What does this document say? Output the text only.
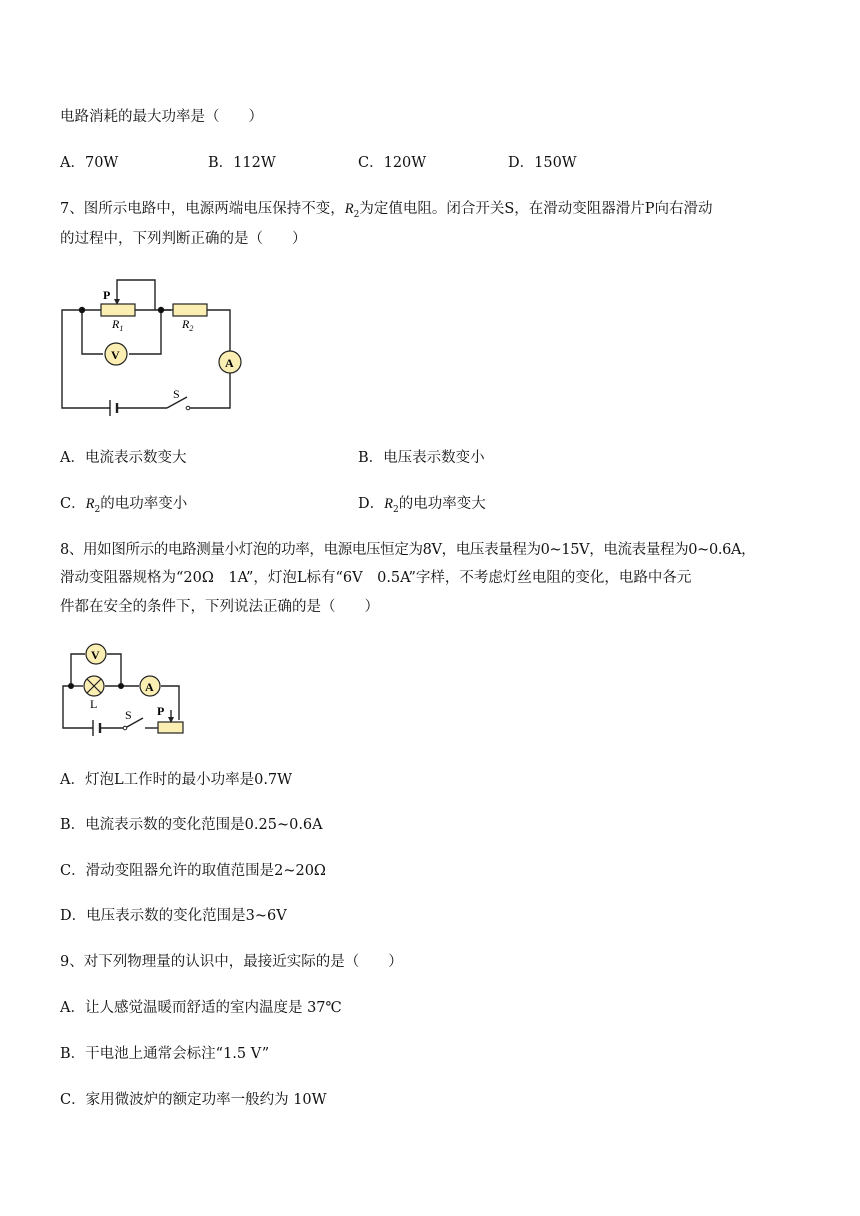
电路消耗的最大功率是（　　）
A．70W	B．112W	C．120W	D．150W
7、图所示电路中，电源两端电压保持不变，$R_2$为定值电阻。闭合开关S，在滑动变阻器滑片P向右滑动
的过程中，下列判断正确的是（　　）
P
$R_1$	$R_2$
V
A
S
A．电流表示数变大	B．电压表示数变小
C．$R_2$的电功率变小	D．$R_2$的电功率变大
8、用如图所示的电路测量小灯泡的功率，电源电压恒定为8V，电压表量程为0~15V，电流表量程为0~0.6A，
滑动变阻器规格为“20Ω　1A”，灯泡L标有“6V　0.5A”字样，不考虑灯丝电阻的变化，电路中各元
件都在安全的条件下，下列说法正确的是（　　）
V
A
L
S P
A．灯泡L工作时的最小功率是0.7W
B．电流表示数的变化范围是0.25~0.6A
C．滑动变阻器允许的取值范围是2~20Ω
D．电压表示数的变化范围是3~6V
9、对下列物理量的认识中，最接近实际的是（　　）
A．让人感觉温暖而舒适的室内温度是 37℃
B．干电池上通常会标注“1.5 V”
C．家用微波炉的额定功率一般约为 10W
